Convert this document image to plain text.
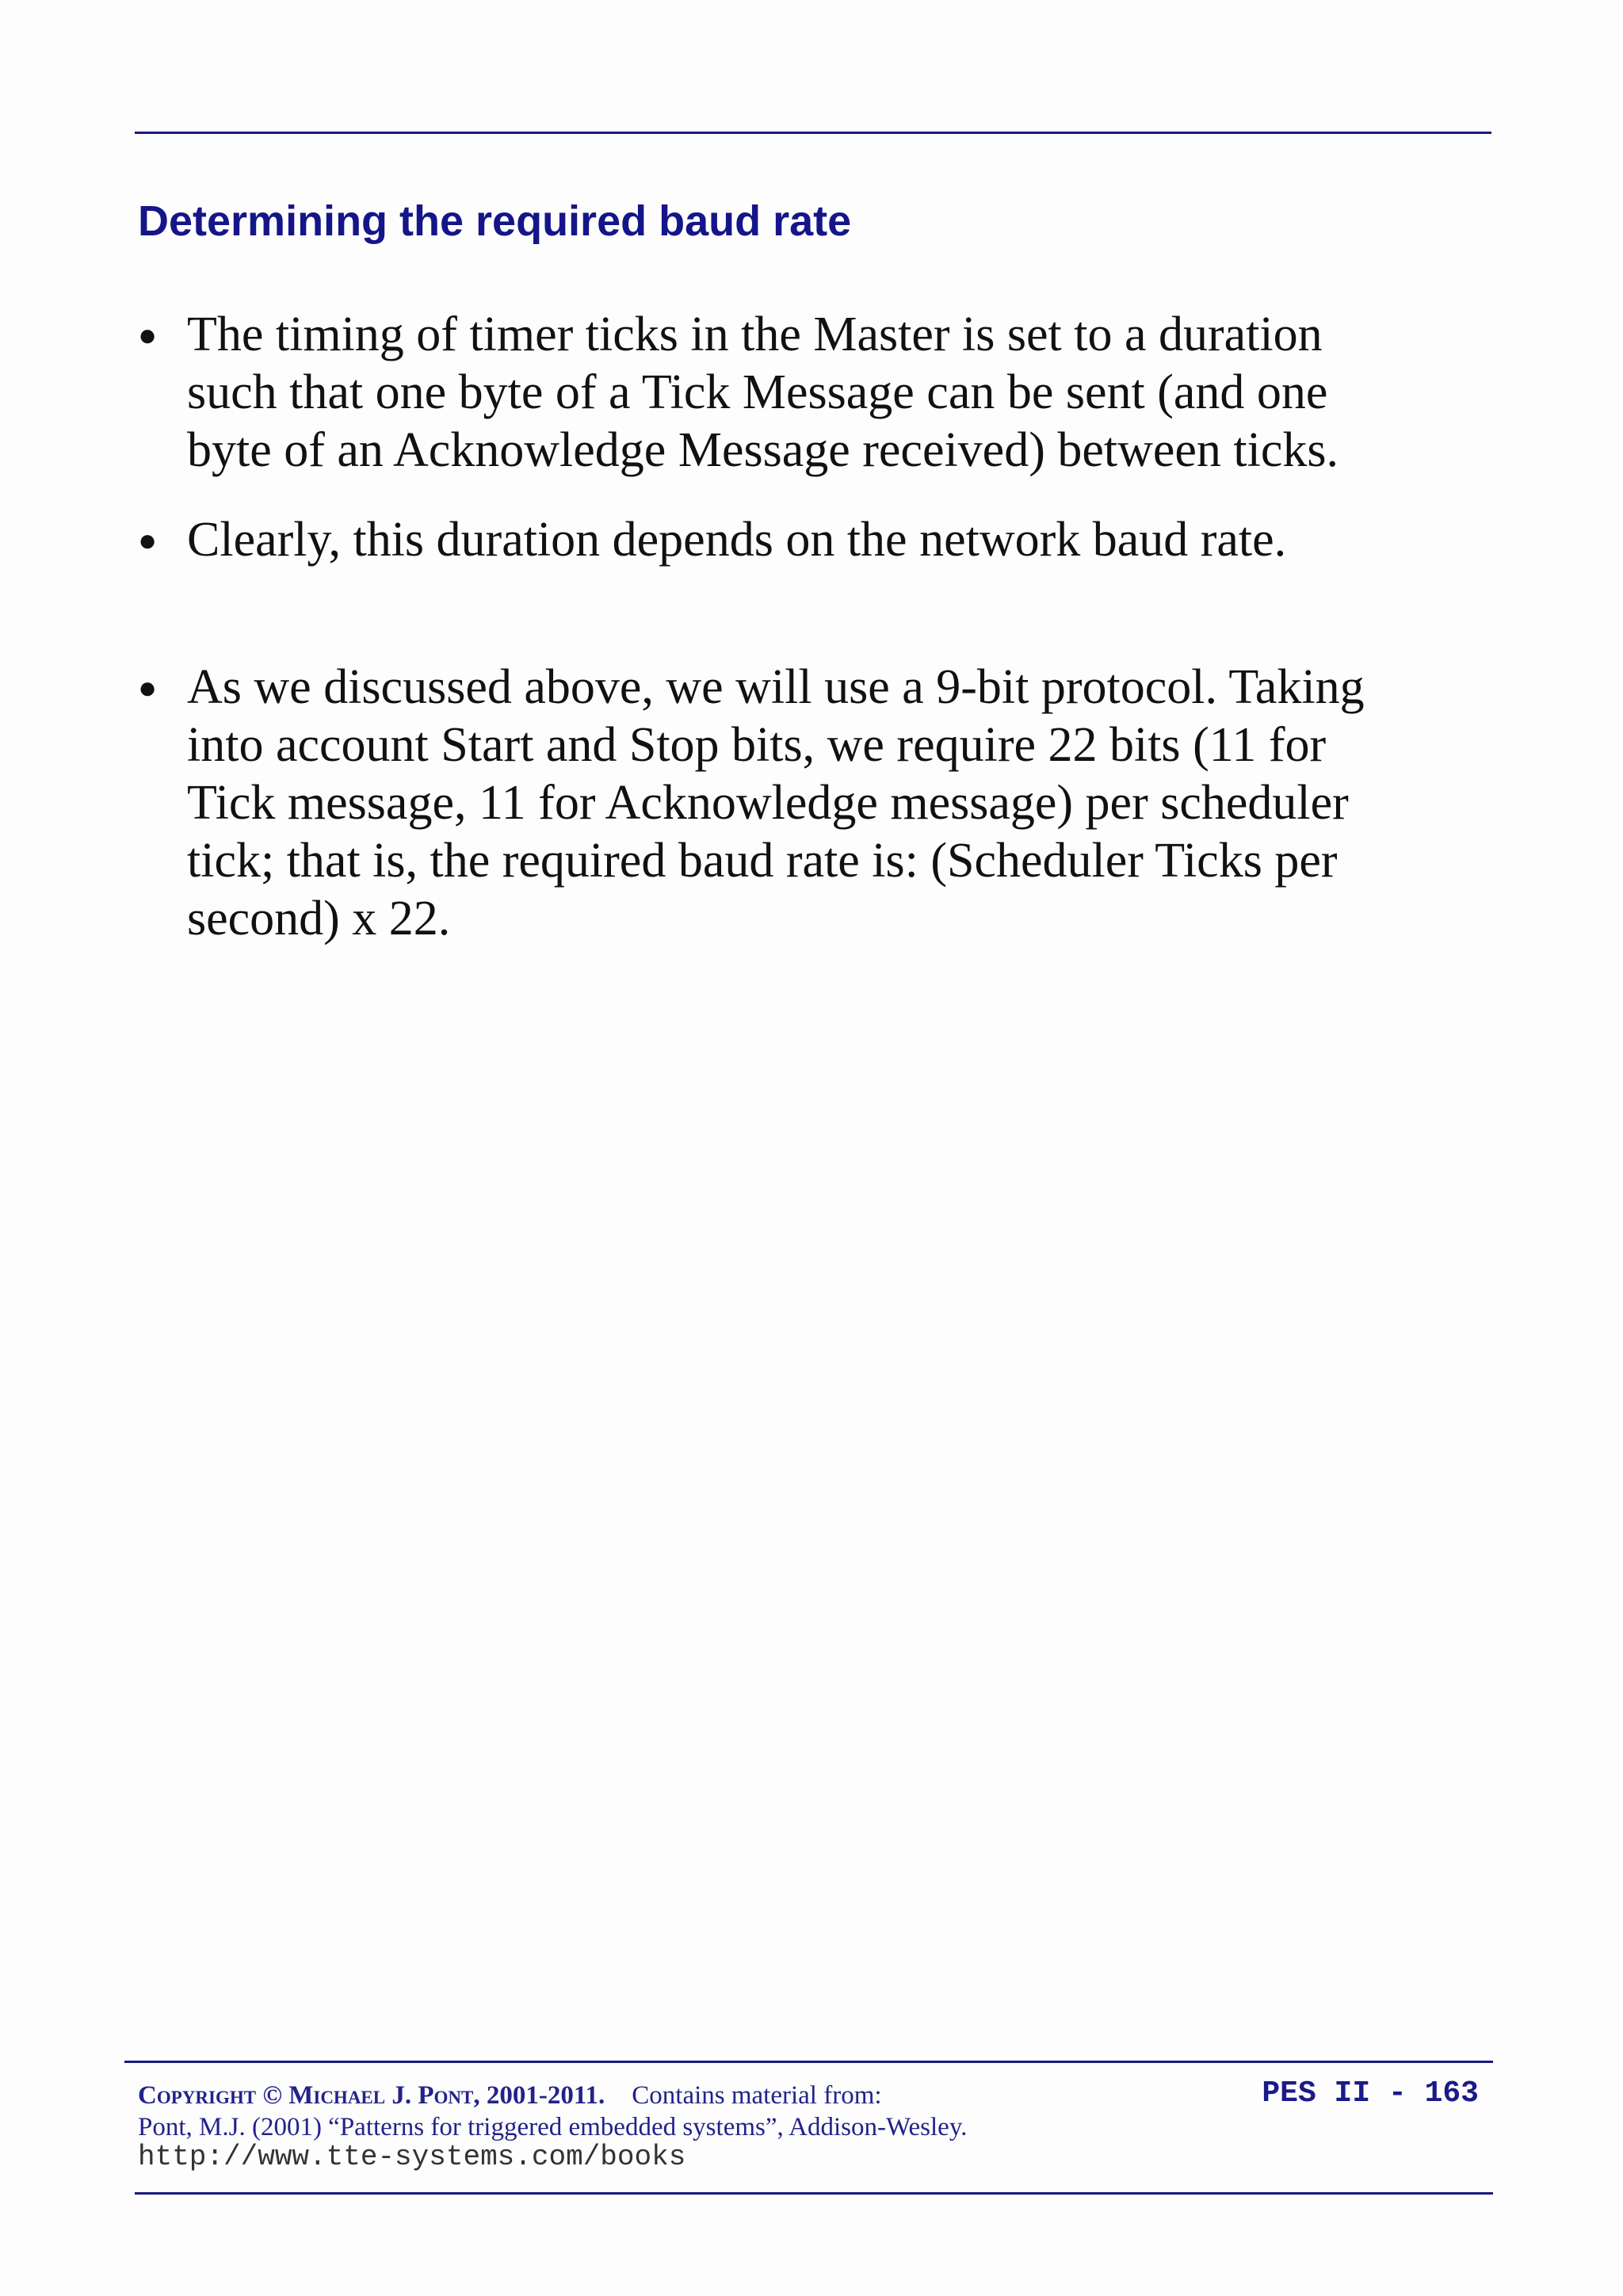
Determining the required baud rate
● The timing of timer ticks in the Master is set to a duration such that one byte of a Tick Message can be sent (and one byte of an Acknowledge Message received) between ticks.
● Clearly, this duration depends on the network baud rate.
● As we discussed above, we will use a 9-bit protocol. Taking into account Start and Stop bits, we require 22 bits (11 for Tick message, 11 for Acknowledge message) per scheduler tick; that is, the required baud rate is: (Scheduler Ticks per second) x 22.
Copyright © Michael J. Pont, 2001-2011. Contains material from:
Pont, M.J. (2001) “Patterns for triggered embedded systems”, Addison-Wesley.
http://www.tte-systems.com/books
PES II - 163
